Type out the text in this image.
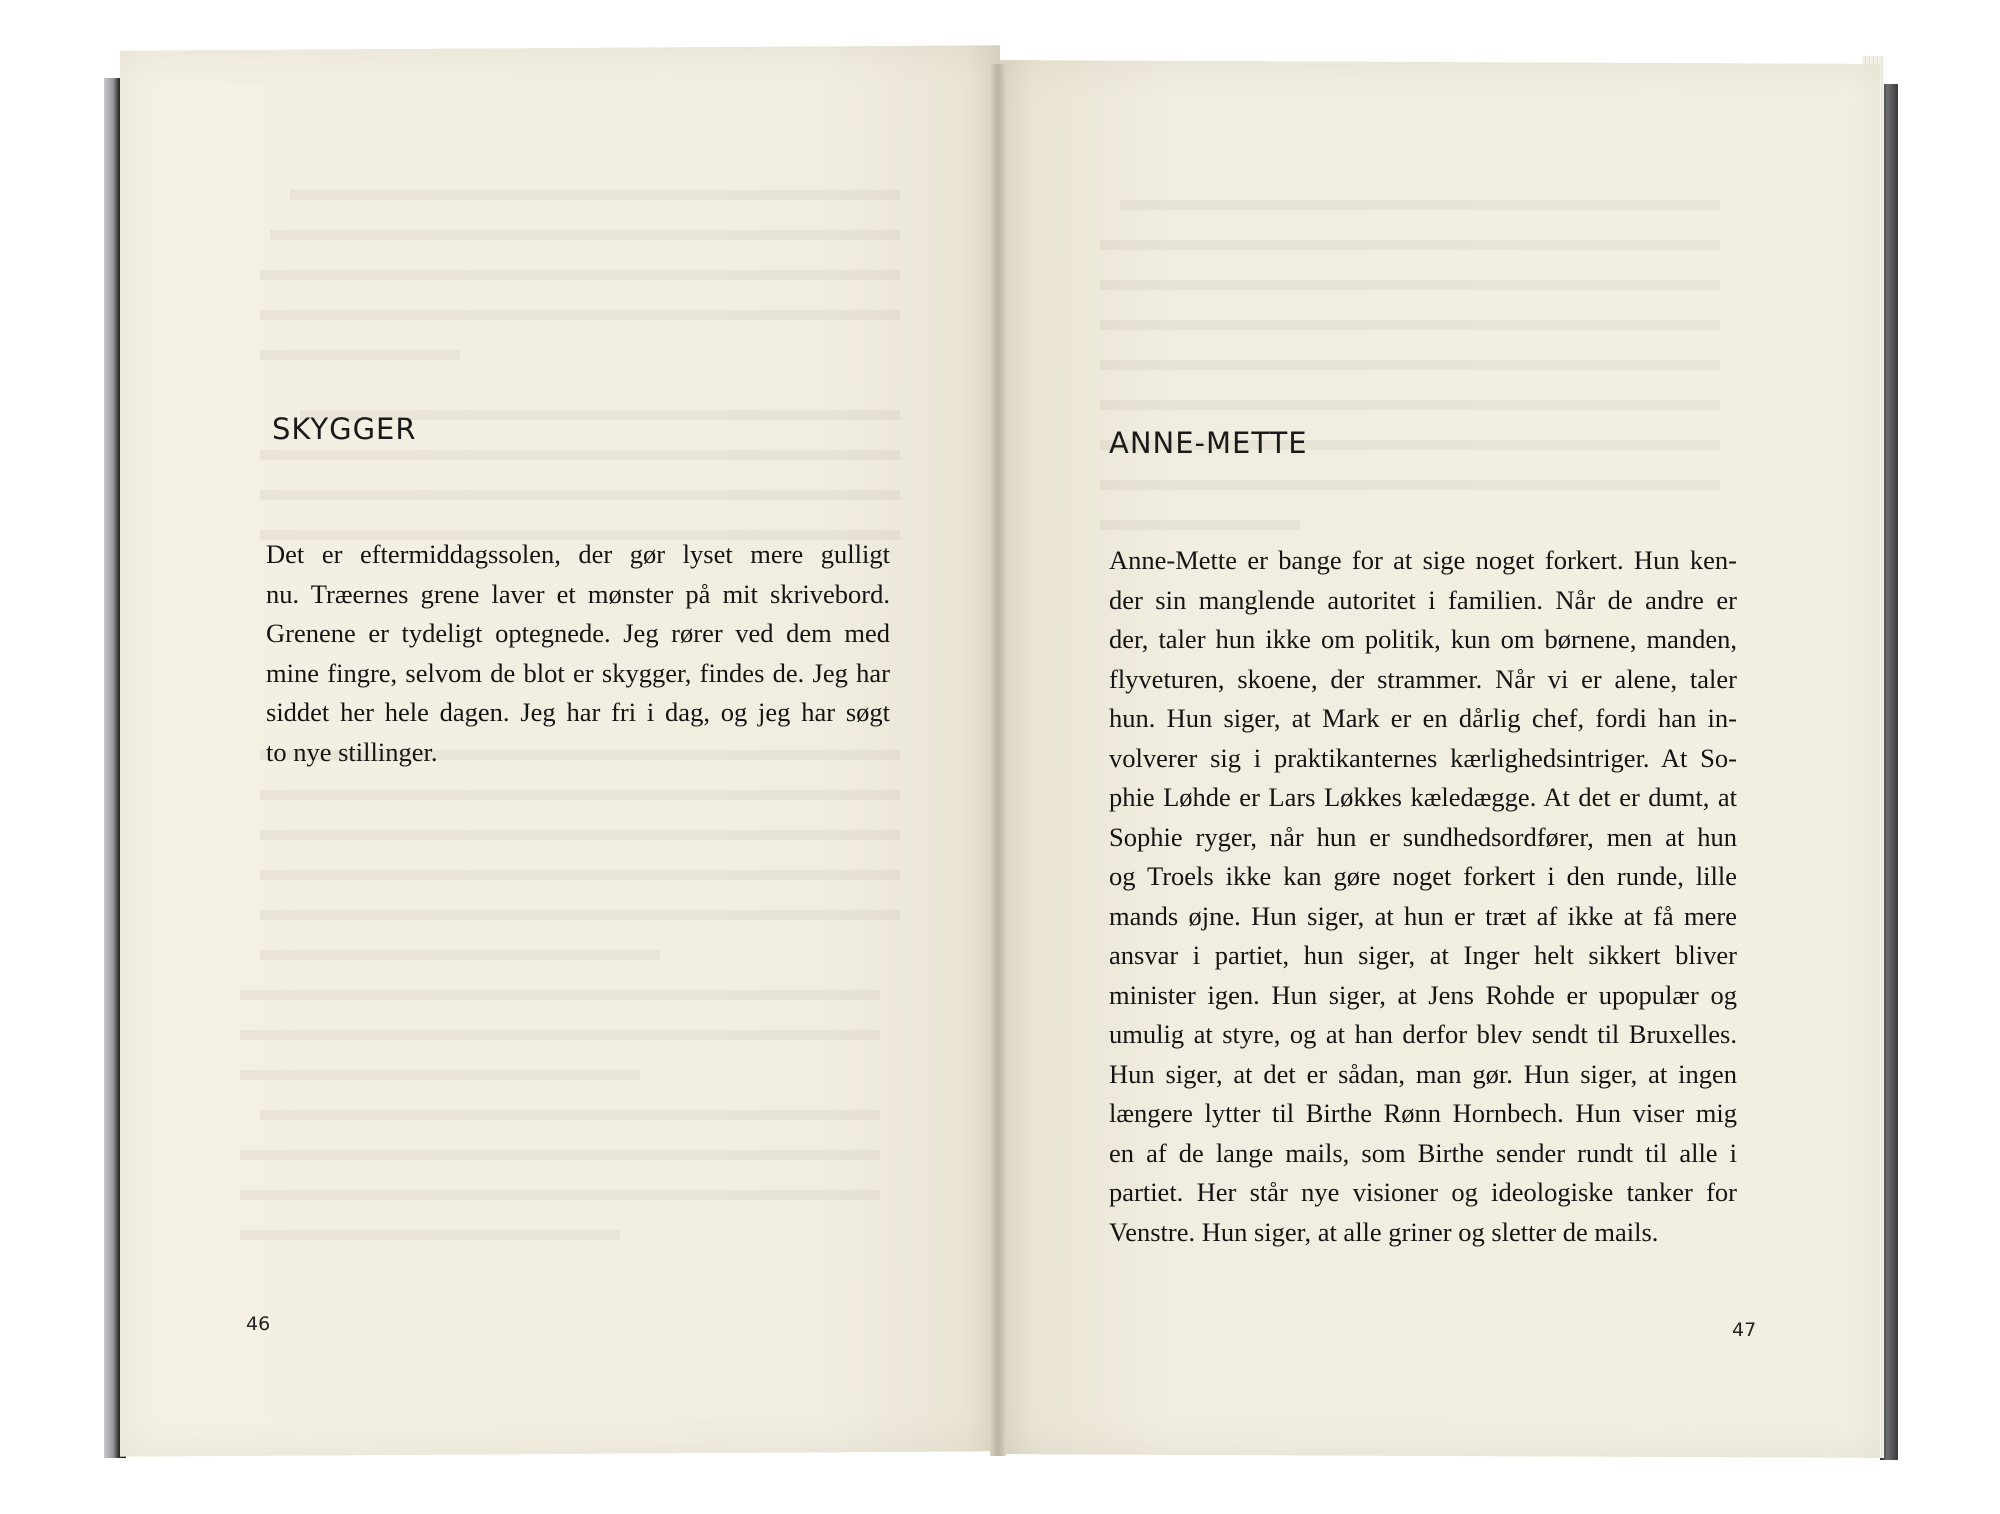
SKYGGER
Det er eftermiddagssolen, der gør lyset mere gulligt
nu. Træernes grene laver et mønster på mit skrivebord.
Grenene er tydeligt optegnede. Jeg rører ved dem med
mine fingre, selvom de blot er skygger, findes de. Jeg har
siddet her hele dagen. Jeg har fri i dag, og jeg har søgt
to nye stillinger.
46
ANNE-METTE
Anne-Mette er bange for at sige noget forkert. Hun ken-
der sin manglende autoritet i familien. Når de andre er
der, taler hun ikke om politik, kun om børnene, manden,
flyveturen, skoene, der strammer. Når vi er alene, taler
hun. Hun siger, at Mark er en dårlig chef, fordi han in-
volverer sig i praktikanternes kærlighedsintriger. At So-
phie Løhde er Lars Løkkes kæledægge. At det er dumt, at
Sophie ryger, når hun er sundhedsordfører, men at hun
og Troels ikke kan gøre noget forkert i den runde, lille
mands øjne. Hun siger, at hun er træt af ikke at få mere
ansvar i partiet, hun siger, at Inger helt sikkert bliver
minister igen. Hun siger, at Jens Rohde er upopulær og
umulig at styre, og at han derfor blev sendt til Bruxelles.
Hun siger, at det er sådan, man gør. Hun siger, at ingen
længere lytter til Birthe Rønn Hornbech. Hun viser mig
en af de lange mails, som Birthe sender rundt til alle i
partiet. Her står nye visioner og ideologiske tanker for
Venstre. Hun siger, at alle griner og sletter de mails.
47
